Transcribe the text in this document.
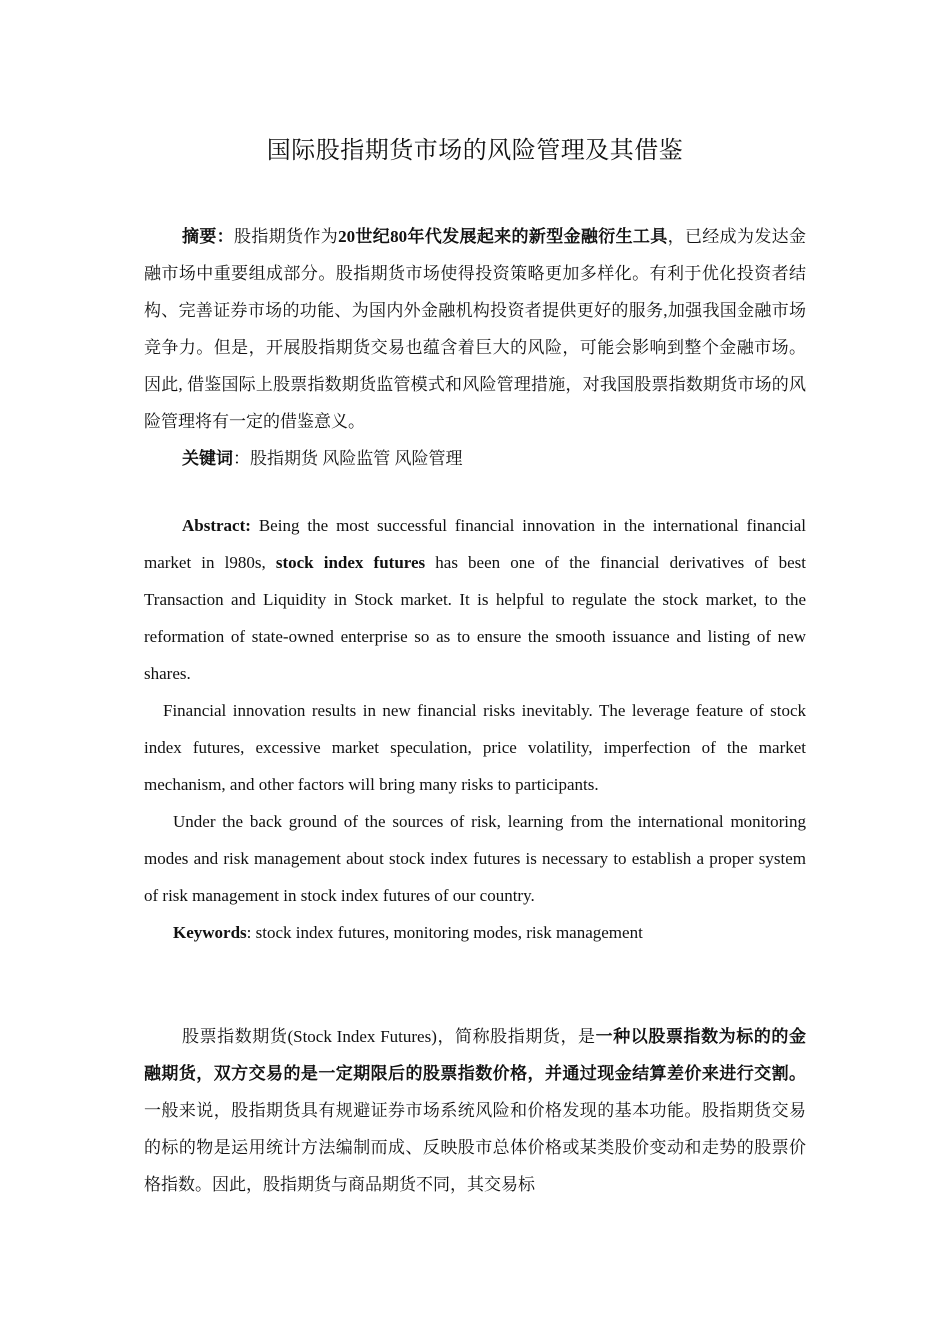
国际股指期货市场的风险管理及其借鉴

摘要：股指期货作为20世纪80年代发展起来的新型金融衍生工具，已经成为发达金融市场中重要组成部分。股指期货市场使得投资策略更加多样化。有利于优化投资者结构、完善证券市场的功能、为国内外金融机构投资者提供更好的服务,加强我国金融市场竞争力。但是，开展股指期货交易也蕴含着巨大的风险，可能会影响到整个金融市场。因此, 借鉴国际上股票指数期货监管模式和风险管理措施，对我国股票指数期货市场的风险管理将有一定的借鉴意义。

关键词：股指期货 风险监管 风险管理

Abstract: Being the most successful financial innovation in the international financial market in l980s, stock index futures has been one of the financial derivatives of best Transaction and Liquidity in Stock market. It is helpful to regulate the stock market, to the reformation of state-owned enterprise so as to ensure the smooth issuance and listing of new shares.

Financial innovation results in new financial risks inevitably. The leverage feature of stock index futures, excessive market speculation, price volatility, imperfection of the market mechanism, and other factors will bring many risks to participants.

Under the back ground of the sources of risk, learning from the international monitoring modes and risk management about stock index futures is necessary to establish a proper system of risk management in stock index futures of our country.

Keywords: stock index futures, monitoring modes, risk management

股票指数期货(Stock Index Futures)，简称股指期货，是一种以股票指数为标的的金融期货，双方交易的是一定期限后的股票指数价格，并通过现金结算差价来进行交割。一般来说，股指期货具有规避证券市场系统风险和价格发现的基本功能。股指期货交易的标的物是运用统计方法编制而成、反映股市总体价格或某类股价变动和走势的股票价格指数。因此，股指期货与商品期货不同，其交易标
